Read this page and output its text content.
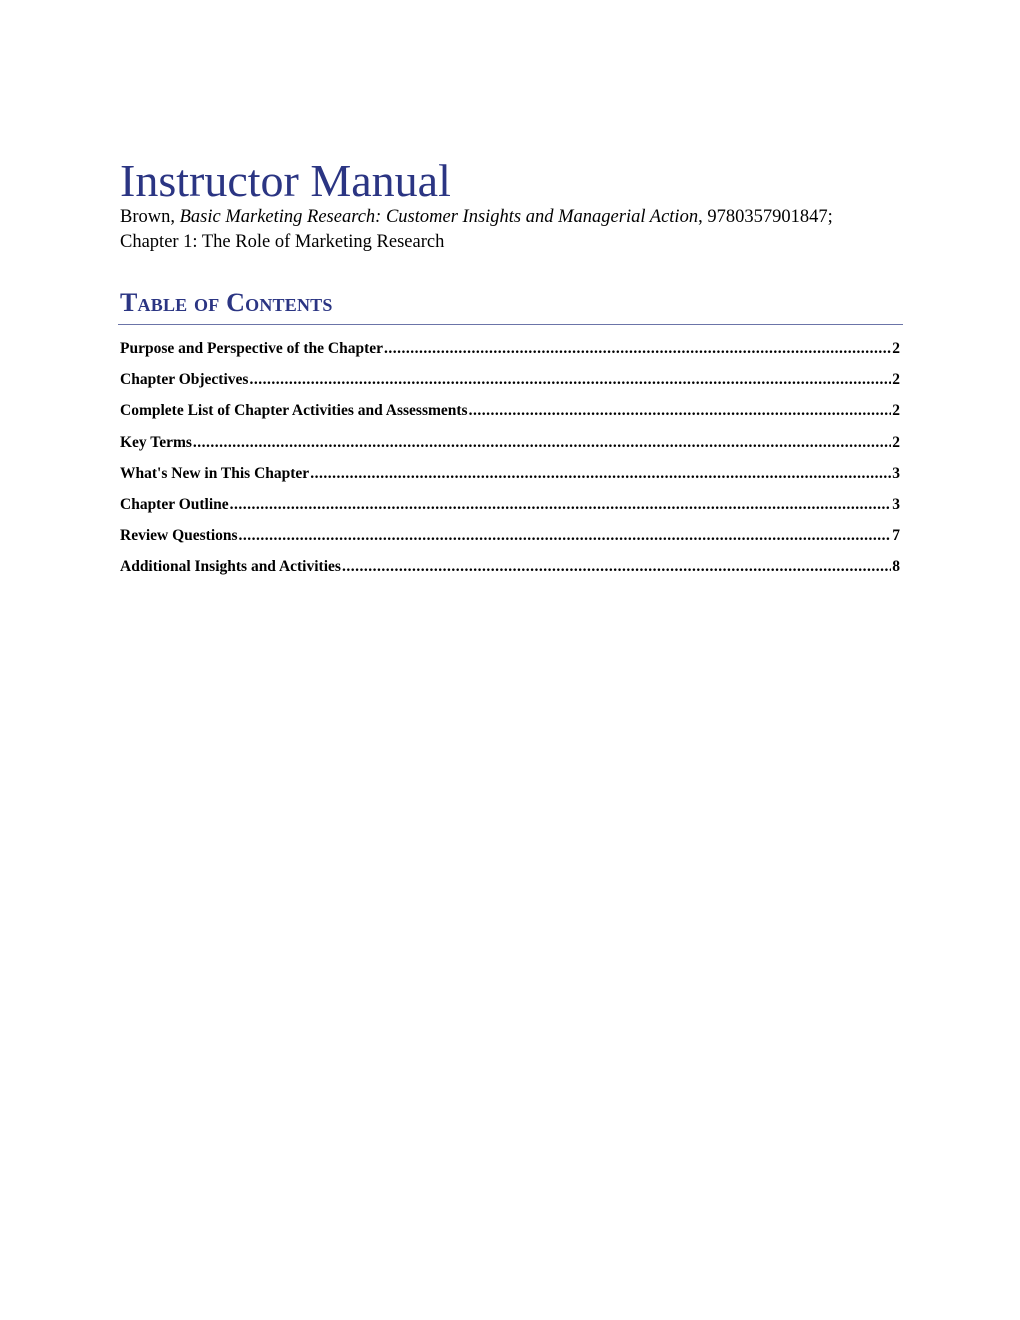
Instructor Manual
Brown, Basic Marketing Research: Customer Insights and Managerial Action, 9780357901847;
Chapter 1: The Role of Marketing Research
Table of Contents
Purpose and Perspective of the Chapter .....	2
Chapter Objectives .....	2
Complete List of Chapter Activities and Assessments .....	2
Key Terms .....	2
What's New in This Chapter .....	3
Chapter Outline .....	3
Review Questions .....	7
Additional Insights and Activities .....	8
